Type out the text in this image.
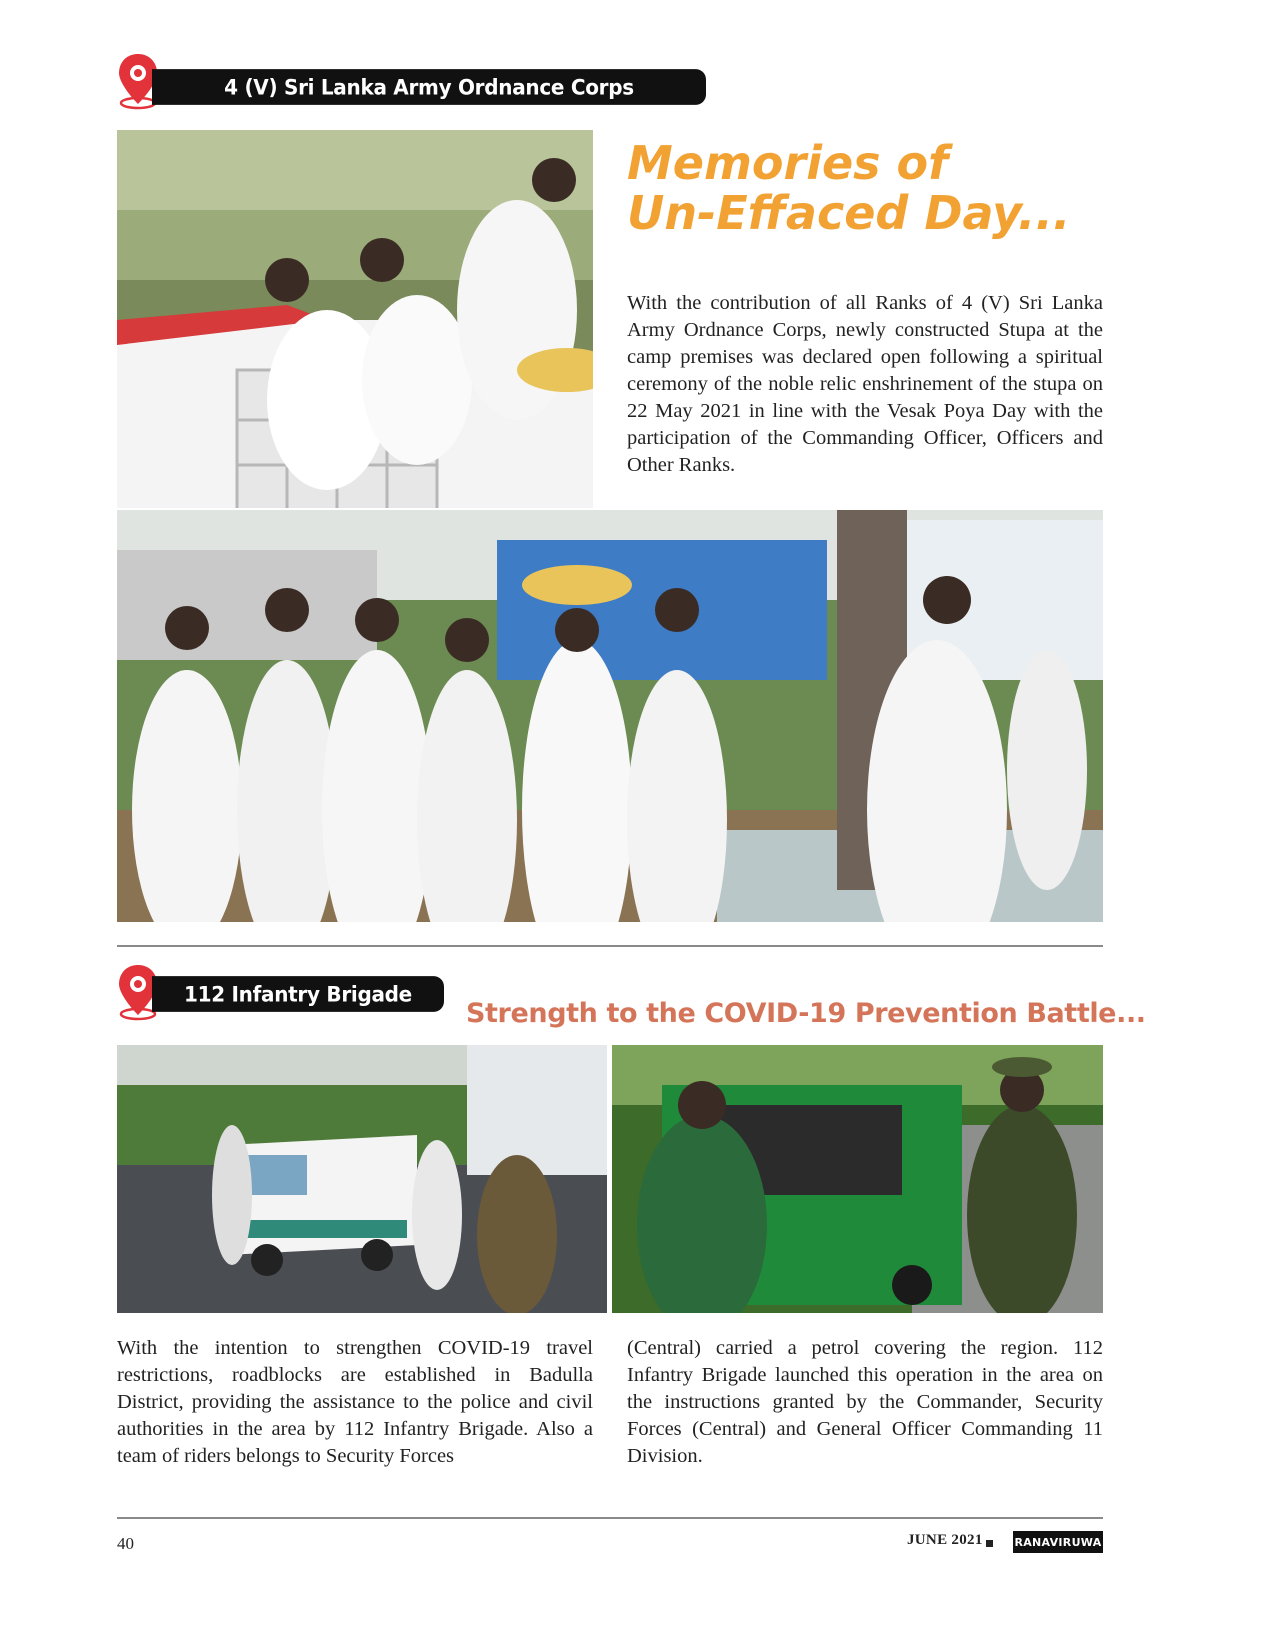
4 (V) Sri Lanka Army Ordnance Corps
Memories of
Un-Effaced Day...
With the contribution of all Ranks of 4 (V) Sri Lanka Army Ordnance Corps, newly constructed Stupa at the camp premises was declared open following a spiritual ceremony of the noble relic enshrinement of the stupa on 22 May 2021 in line with the Vesak Poya Day with the participation of the Commanding Officer, Officers and Other Ranks.
112 Infantry Brigade
Strength to the COVID-19 Prevention Battle...
With the intention to strengthen COVID-19 travel restrictions, roadblocks are established in Badulla District, providing the assistance to the police and civil authorities in the area by 112 Infantry Brigade. Also a team of riders belongs to Security Forces
(Central) carried a petrol covering the region. 112 Infantry Brigade launched this operation in the area on the instructions granted by the Commander, Security Forces (Central) and General Officer Commanding 11 Division.
40	JUNE 2021	RANAVIRUWA
